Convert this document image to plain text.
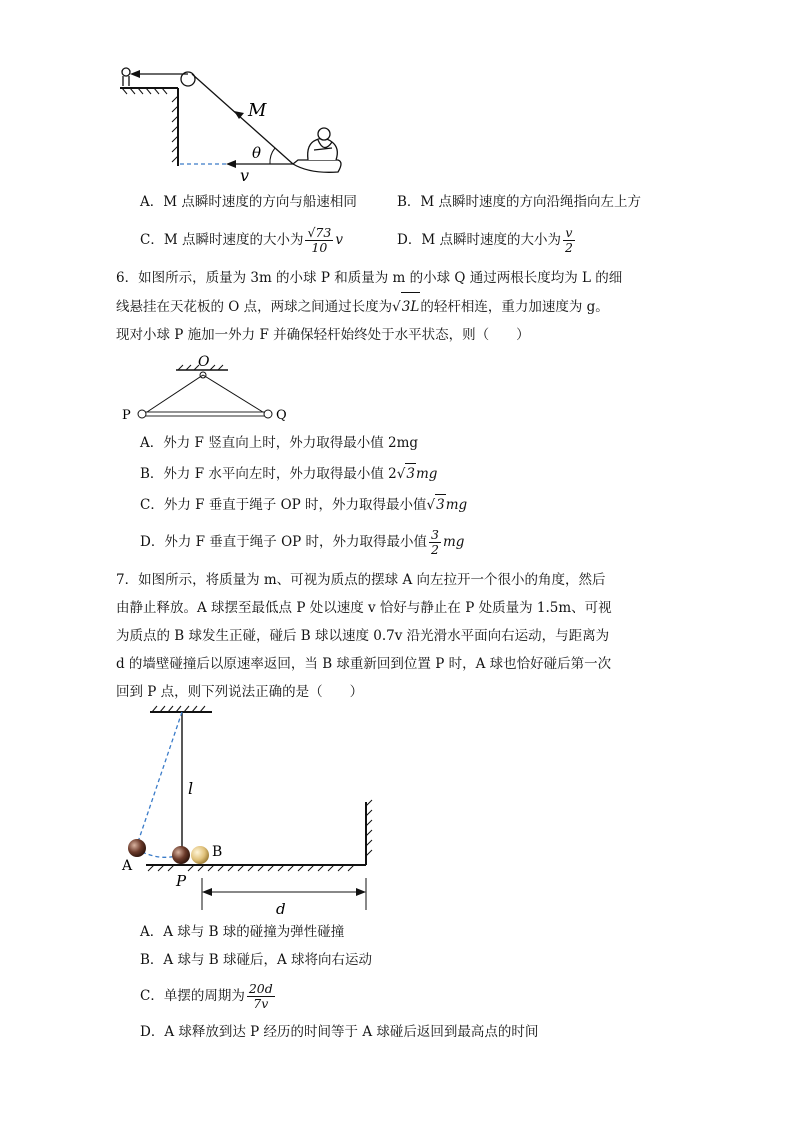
M
v
θ
A．M 点瞬时速度的方向与船速相同	B．M 点瞬时速度的方向沿绳指向左上方
C．M 点瞬时速度的大小为 $\frac{√73}{10}$ v	D．M 点瞬时速度的大小为 $\frac{v}{2}$
6．如图所示，质量为 3m 的小球 P 和质量为 m 的小球 Q 通过两根长度均为 L 的细
线悬挂在天花板的 O 点，两球之间通过长度为√3L的轻杆相连，重力加速度为 g。
现对小球 P 施加一外力 F 并确保轻杆始终处于水平状态，则（　　）
O
P	Q
A．外力 F 竖直向上时，外力取得最小值 2mg
B．外力 F 水平向左时，外力取得最小值 2√3mg
C．外力 F 垂直于绳子 OP 时，外力取得最小值√3mg
D．外力 F 垂直于绳子 OP 时，外力取得最小值 $\frac{3}{2}$ mg
7．如图所示，将质量为 m、可视为质点的摆球 A 向左拉开一个很小的角度，然后
由静止释放。A 球摆至最低点 P 处以速度 v 恰好与静止在 P 处质量为 1.5m、可视
为质点的 B 球发生正碰，碰后 B 球以速度 0.7v 沿光滑水平面向右运动，与距离为
d 的墙壁碰撞后以原速率返回，当 B 球重新回到位置 P 时，A 球也恰好碰后第一次
回到 P 点，则下列说法正确的是（　　）
l
A
B
P
d
A．A 球与 B 球的碰撞为弹性碰撞
B．A 球与 B 球碰后，A 球将向右运动
C．单摆的周期为 $\frac{20d}{7v}$
D．A 球释放到达 P 经历的时间等于 A 球碰后返回到最高点的时间
